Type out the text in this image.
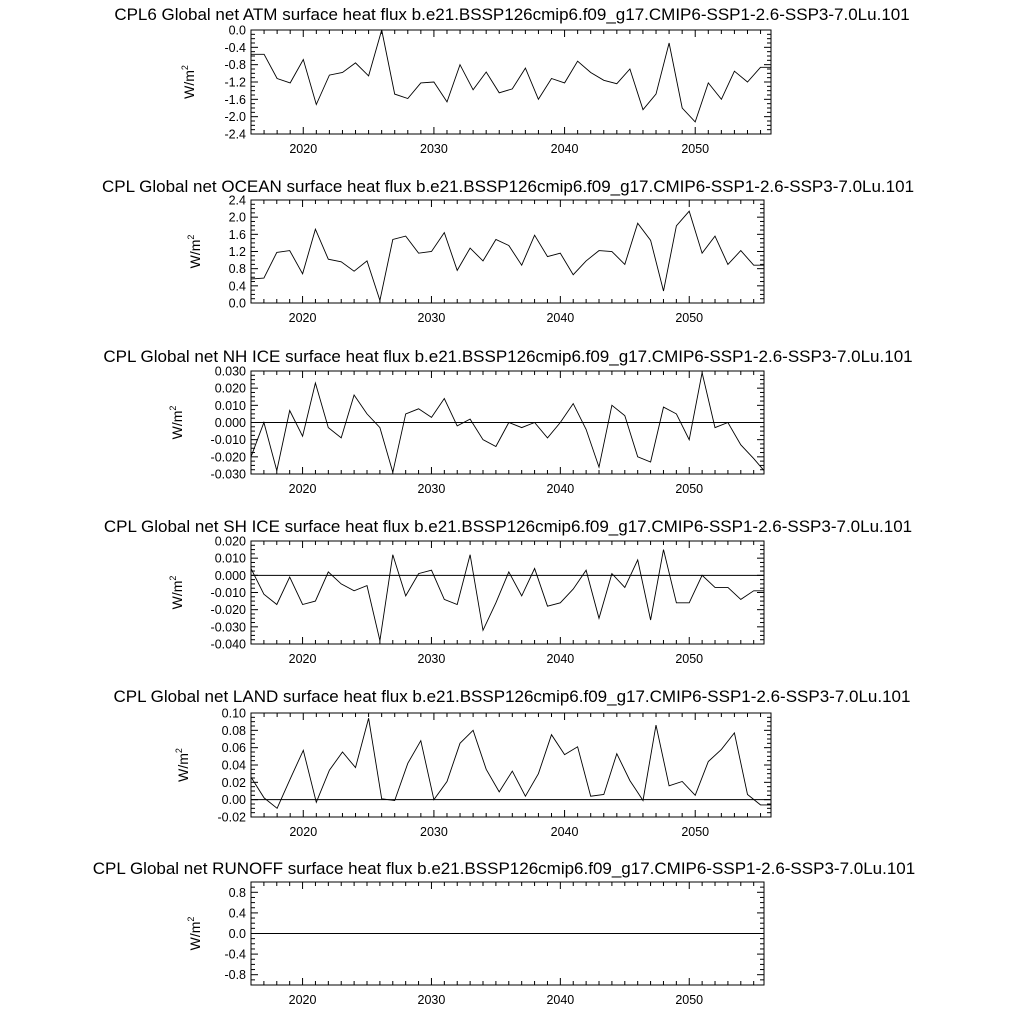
CPL6 Global net ATM surface heat flux b.e21.BSSP126cmip6.f09_g17.CMIP6-SSP1-2.6-SSP3-7.0Lu.101
2020	2030	2040	2050
0.0
-0.4
-0.8
-1.2
-1.6
-2.0
-2.4
$W/m^2$
CPL Global net OCEAN surface heat flux b.e21.BSSP126cmip6.f09_g17.CMIP6-SSP1-2.6-SSP3-7.0Lu.101
2020	2030	2040	2050
0.0
0.4
0.8
1.2
1.6
2.0
2.4
$W/m^2$
CPL Global net NH ICE surface heat flux b.e21.BSSP126cmip6.f09_g17.CMIP6-SSP1-2.6-SSP3-7.0Lu.101
2020	2030	2040	2050
0.030
0.020
0.010
0.000
-0.010
-0.020
-0.030
$W/m^2$
CPL Global net SH ICE surface heat flux b.e21.BSSP126cmip6.f09_g17.CMIP6-SSP1-2.6-SSP3-7.0Lu.101
2020	2030	2040	2050
0.020
0.010
0.000
-0.010
-0.020
-0.030
-0.040
$W/m^2$
CPL Global net LAND surface heat flux b.e21.BSSP126cmip6.f09_g17.CMIP6-SSP1-2.6-SSP3-7.0Lu.101
2020	2030	2040	2050
0.10
0.08
0.06
0.04
0.02
0.00
-0.02
$W/m^2$
CPL Global net RUNOFF surface heat flux b.e21.BSSP126cmip6.f09_g17.CMIP6-SSP1-2.6-SSP3-7.0Lu.101
2020	2030	2040	2050
0.8
0.4
0.0
-0.4
-0.8
$W/m^2$
